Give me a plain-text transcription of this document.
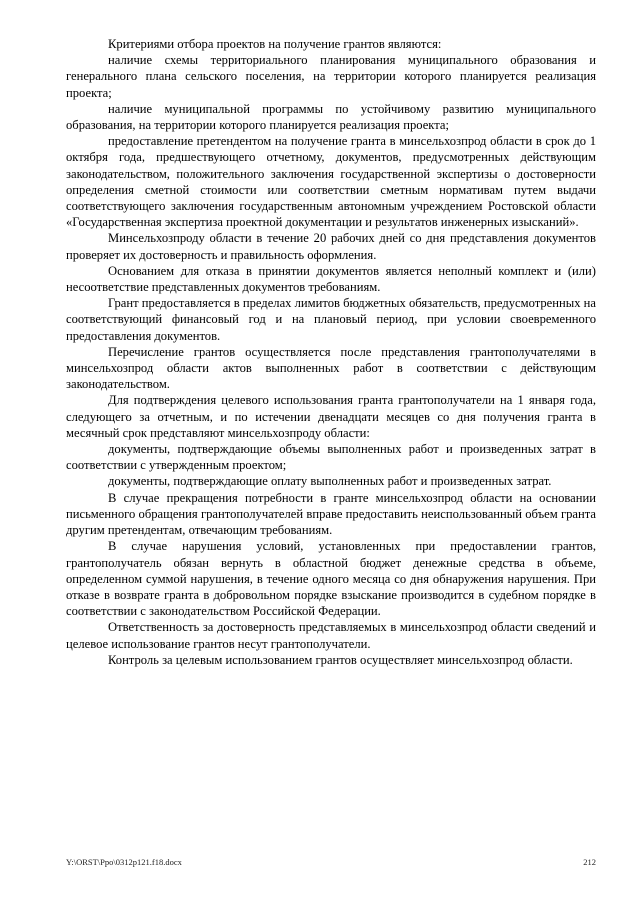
Критериями отбора проектов на получение грантов являются:

наличие схемы территориального планирования муниципального образования и генерального плана сельского поселения, на территории которого планируется реализация проекта;

наличие муниципальной программы по устойчивому развитию муниципального образования, на территории которого планируется реализация проекта;

предоставление претендентом на получение гранта в минсельхозпрод области в срок до 1 октября года, предшествующего отчетному, документов, предусмотренных действующим законодательством, положительного заключения государственной экспертизы о достоверности определения сметной стоимости или соответствии сметным нормативам путем выдачи соответствующего заключения государственным автономным учреждением Ростовской области «Государственная экспертиза проектной документации и результатов инженерных изысканий».

Минсельхозпроду области в течение 20 рабочих дней со дня представления документов проверяет их достоверность и правильность оформления.

Основанием для отказа в принятии документов является неполный комплект и (или) несоответствие представленных документов требованиям.

Грант предоставляется в пределах лимитов бюджетных обязательств, предусмотренных на соответствующий финансовый год и на плановый период, при условии своевременного предоставления документов.

Перечисление грантов осуществляется после представления грантополучателями в минсельхозпрод области актов выполненных работ в соответствии с действующим законодательством.

Для подтверждения целевого использования гранта грантополучатели на 1 января года, следующего за отчетным, и по истечении двенадцати месяцев со дня получения гранта в месячный срок представляют минсельхозпроду области:

документы, подтверждающие объемы выполненных работ и произведенных затрат в соответствии с утвержденным проектом;

документы, подтверждающие оплату выполненных работ и произведенных затрат.

В случае прекращения потребности в гранте минсельхозпрод области на основании письменного обращения грантополучателей вправе предоставить неиспользованный объем гранта другим претендентам, отвечающим требованиям.

В случае нарушения условий, установленных при предоставлении грантов, грантополучатель обязан вернуть в областной бюджет денежные средства в объеме, определенном суммой нарушения, в течение одного месяца со дня обнаружения нарушения. При отказе в возврате гранта в добровольном порядке взыскание производится в судебном порядке в соответствии с законодательством Российской Федерации.

Ответственность за достоверность представляемых в минсельхозпрод области сведений и целевое использование грантов несут грантополучатели.

Контроль за целевым использованием грантов осуществляет минсельхозпрод области.

Y:\ORST\Ppo\0312p121.f18.docx	212
